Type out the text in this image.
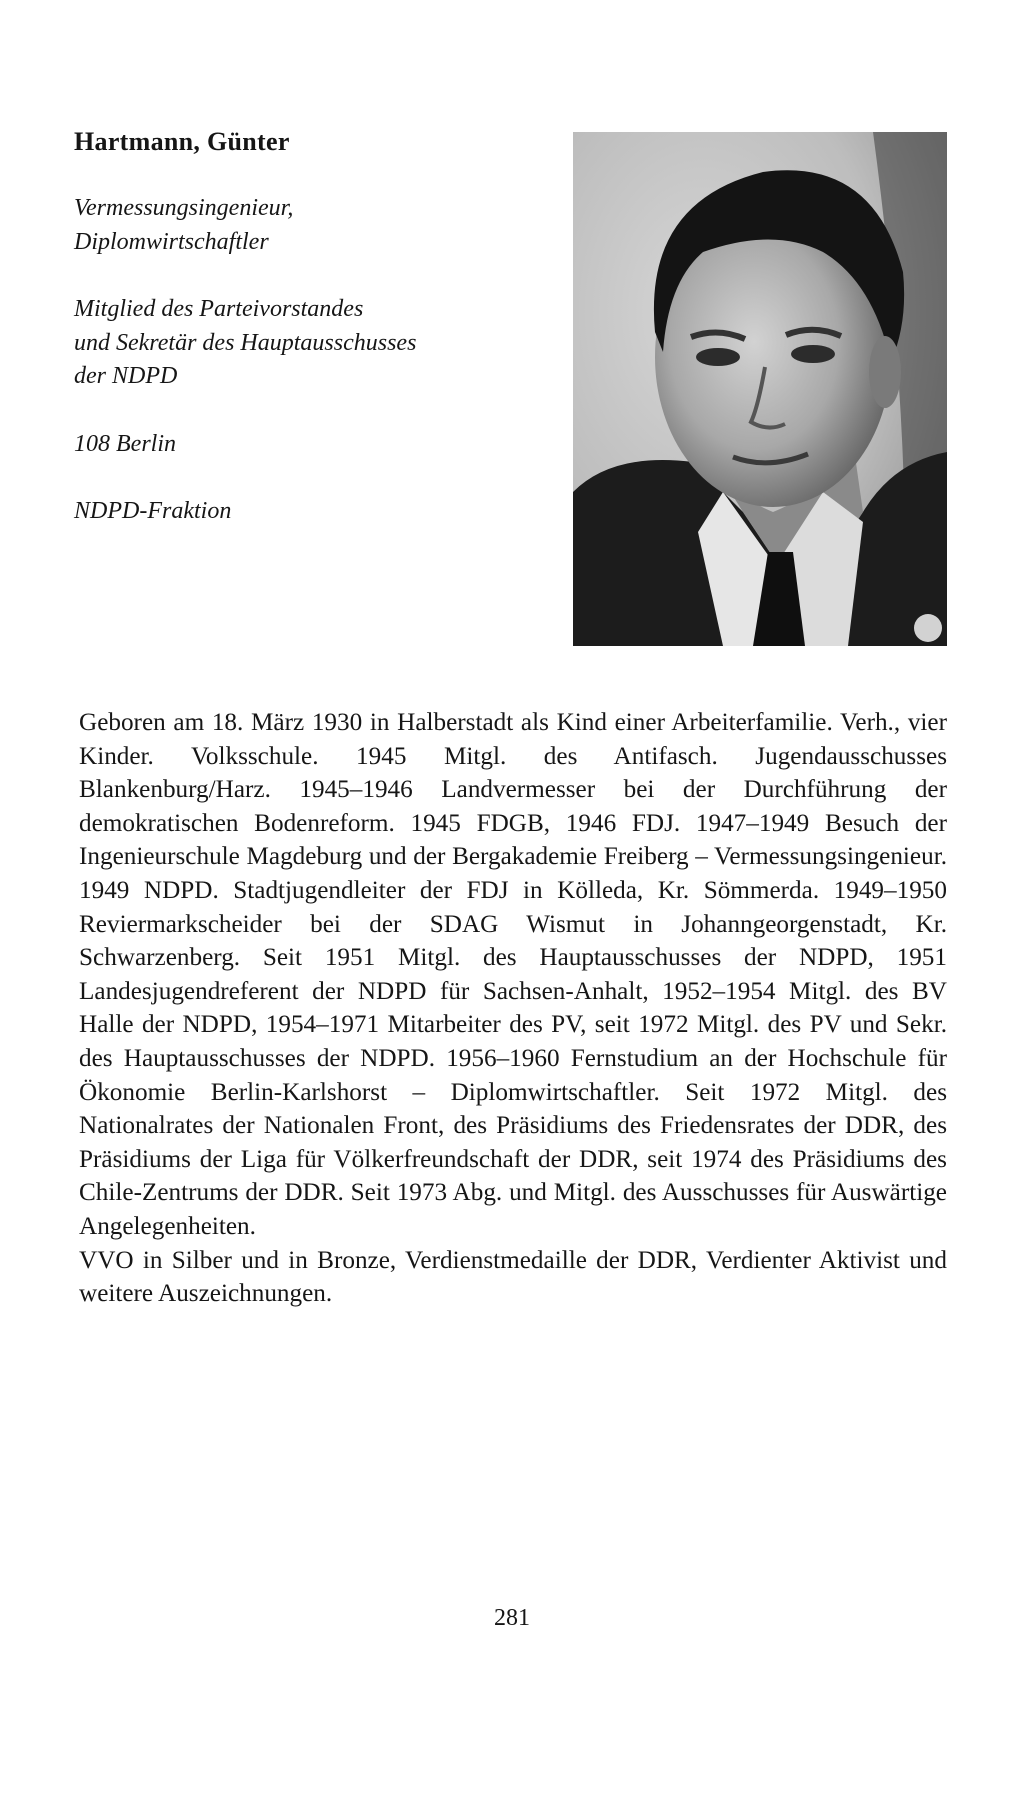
Hartmann, Günter

Vermessungsingenieur,
Diplomwirtschaftler

Mitglied des Parteivorstandes
und Sekretär des Hauptausschusses
der NDPD

108 Berlin

NDPD-Fraktion

Geboren am 18. März 1930 in Halberstadt als Kind einer Arbeiterfamilie. Verh., vier Kinder. Volksschule. 1945 Mitgl. des Antifasch. Jugendausschusses Blankenburg/Harz. 1945–1946 Landvermesser bei der Durchführung der demokratischen Bodenreform. 1945 FDGB, 1946 FDJ. 1947–1949 Besuch der Ingenieurschule Magdeburg und der Bergakademie Freiberg – Vermessungsingenieur. 1949 NDPD. Stadtjugendleiter der FDJ in Kölleda, Kr. Sömmerda. 1949–1950 Reviermarkscheider bei der SDAG Wismut in Johanngeorgenstadt, Kr. Schwarzenberg. Seit 1951 Mitgl. des Hauptausschusses der NDPD, 1951 Landesjugendreferent der NDPD für Sachsen-Anhalt, 1952–1954 Mitgl. des BV Halle der NDPD, 1954–1971 Mitarbeiter des PV, seit 1972 Mitgl. des PV und Sekr. des Hauptausschusses der NDPD. 1956–1960 Fernstudium an der Hochschule für Ökonomie Berlin-Karlshorst – Diplomwirtschaftler. Seit 1972 Mitgl. des Nationalrates der Nationalen Front, des Präsidiums des Friedensrates der DDR, des Präsidiums der Liga für Völkerfreundschaft der DDR, seit 1974 des Präsidiums des Chile-Zentrums der DDR. Seit 1973 Abg. und Mitgl. des Ausschusses für Auswärtige Angelegenheiten.

VVO in Silber und in Bronze, Verdienstmedaille der DDR, Verdienter Aktivist und weitere Auszeichnungen.

281
